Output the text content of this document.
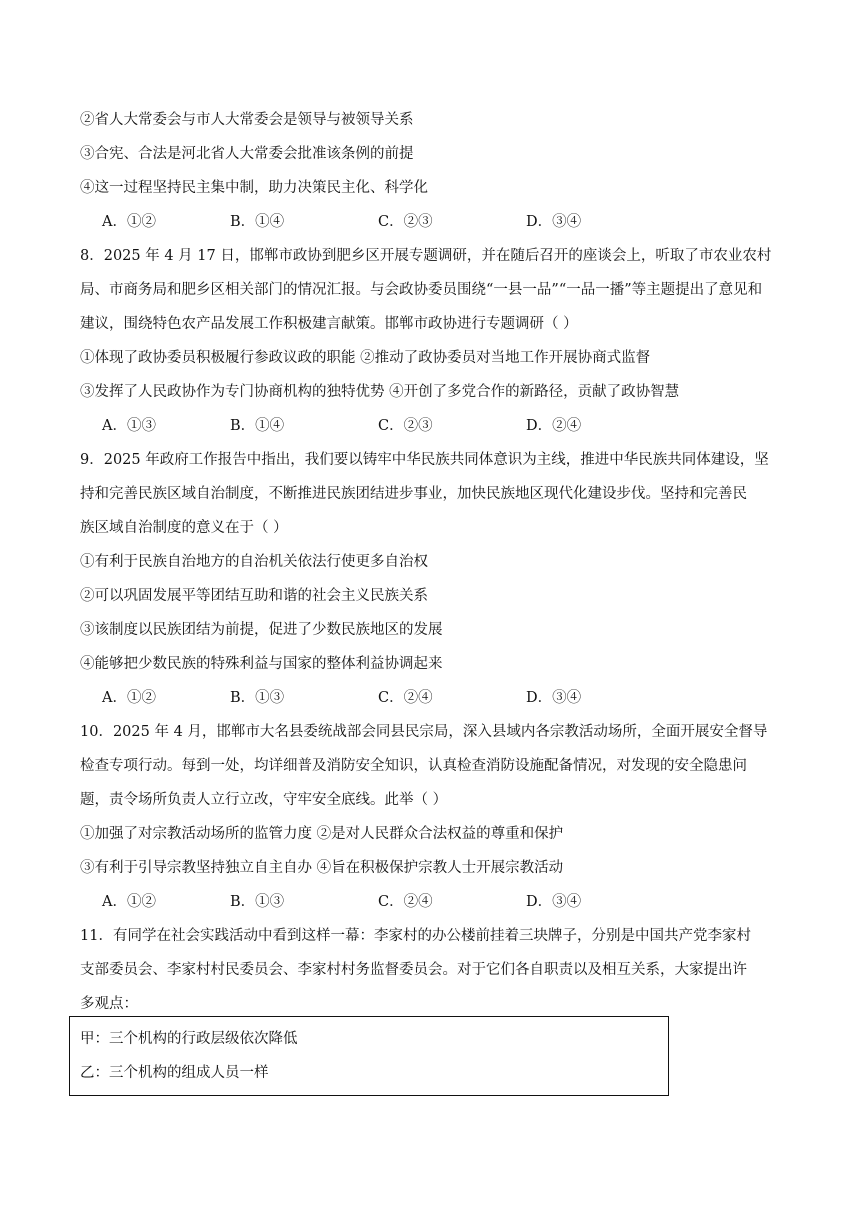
②省人大常委会与市人大常委会是领导与被领导关系
③合宪、合法是河北省人大常委会批准该条例的前提
④这一过程坚持民主集中制，助力决策民主化、科学化
A．①②	B．①④	C．②③	D．③④
8．2025 年 4 月 17 日，邯郸市政协到肥乡区开展专题调研，并在随后召开的座谈会上，听取了市农业农村
局、市商务局和肥乡区相关部门的情况汇报。与会政协委员围绕“一县一品”“一品一播”等主题提出了意见和
建议，围绕特色农产品发展工作积极建言献策。邯郸市政协进行专题调研（ ）
①体现了政协委员积极履行参政议政的职能 ②推动了政协委员对当地工作开展协商式监督
③发挥了人民政协作为专门协商机构的独特优势 ④开创了多党合作的新路径，贡献了政协智慧
A．①③	B．①④	C．②③	D．②④
9．2025 年政府工作报告中指出，我们要以铸牢中华民族共同体意识为主线，推进中华民族共同体建设，坚
持和完善民族区域自治制度，不断推进民族团结进步事业，加快民族地区现代化建设步伐。坚持和完善民
族区域自治制度的意义在于（ ）
①有利于民族自治地方的自治机关依法行使更多自治权
②可以巩固发展平等团结互助和谐的社会主义民族关系
③该制度以民族团结为前提，促进了少数民族地区的发展
④能够把少数民族的特殊利益与国家的整体利益协调起来
A．①②	B．①③	C．②④	D．③④
10．2025 年 4 月，邯郸市大名县委统战部会同县民宗局，深入县域内各宗教活动场所，全面开展安全督导
检查专项行动。每到一处，均详细普及消防安全知识，认真检查消防设施配备情况，对发现的安全隐患问
题，责令场所负责人立行立改，守牢安全底线。此举（ ）
①加强了对宗教活动场所的监管力度 ②是对人民群众合法权益的尊重和保护
③有利于引导宗教坚持独立自主自办 ④旨在积极保护宗教人士开展宗教活动
A．①②	B．①③	C．②④	D．③④
11．有同学在社会实践活动中看到这样一幕：李家村的办公楼前挂着三块牌子，分别是中国共产党李家村
支部委员会、李家村村民委员会、李家村村务监督委员会。对于它们各自职责以及相互关系，大家提出许
多观点：
甲：三个机构的行政层级依次降低
乙：三个机构的组成人员一样
